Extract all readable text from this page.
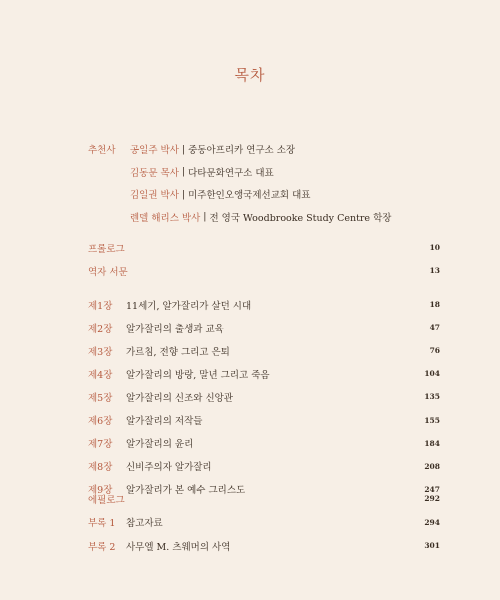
목차
추천사	공일주 박사 | 중동아프리카 연구소 소장
김동문 목사 | 다타문화연구소 대표
김일권 박사 | 미주한인오앵국제선교회 대표
렌델 해리스 박사 | 전 영국 Woodbrooke Study Centre 학장
프롤로그	10
역자 서문	13
제1장	11세기, 알가잘리가 살던 시대	18
제2장	알가잘리의 출생과 교육	47
제3장	가르침, 전향 그리고 은퇴	76
제4장	알가잘리의 방랑, 말년 그리고 죽음	104
제5장	알가잘리의 신조와 신앙관	135
제6장	알가잘리의 저작들	155
제7장	알가잘리의 윤리	184
제8장	신비주의자 알가잘리	208
제9장	알가잘리가 본 예수 그리스도	247
에필로그	292
부록 1	참고자료	294
부록 2	사무엘 M. 츠웨머의 사역	301
